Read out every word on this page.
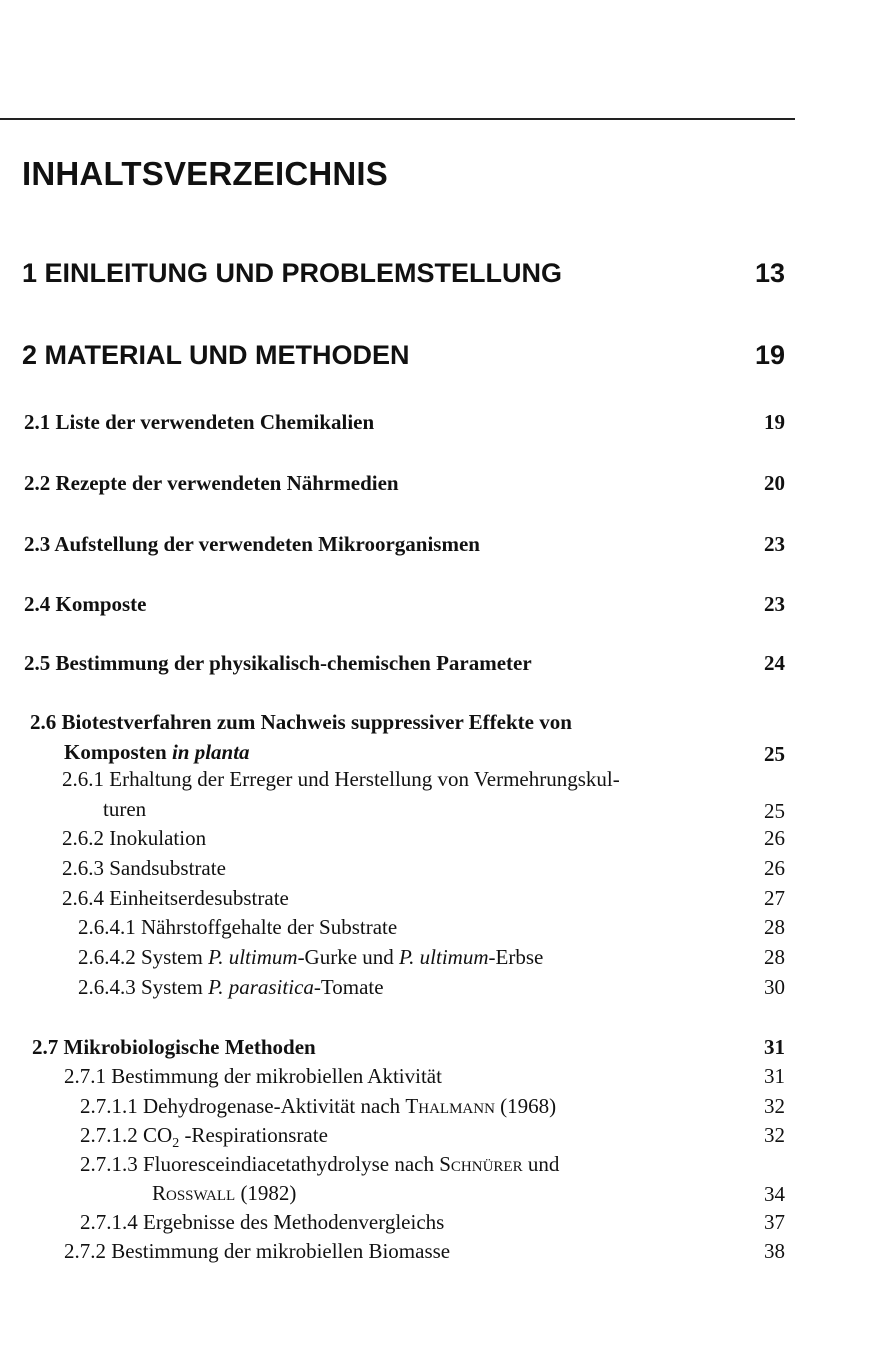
INHALTSVERZEICHNIS
1 EINLEITUNG UND PROBLEMSTELLUNG	13
2 MATERIAL UND METHODEN	19
2.1 Liste der verwendeten Chemikalien	19
2.2 Rezepte der verwendeten Nährmedien	20
2.3 Aufstellung der verwendeten Mikroorganismen	23
2.4 Komposte	23
2.5 Bestimmung der physikalisch-chemischen Parameter	24
2.6 Biotestverfahren zum Nachweis suppressiver Effekte von
Komposten in planta	25
2.6.1 Erhaltung der Erreger und Herstellung von Vermehrungskul-
turen	25
2.6.2 Inokulation	26
2.6.3 Sandsubstrate	26
2.6.4 Einheitserdesubstrate	27
2.6.4.1 Nährstoffgehalte der Substrate	28
2.6.4.2 System P. ultimum-Gurke und P. ultimum-Erbse	28
2.6.4.3 System P. parasitica-Tomate	30
2.7 Mikrobiologische Methoden	31
2.7.1 Bestimmung der mikrobiellen Aktivität	31
2.7.1.1 Dehydrogenase-Aktivität nach Thalmann (1968)	32
2.7.1.2 $CO_2$ -Respirationsrate	32
2.7.1.3 Fluoresceindiacetathydrolyse nach Schnürer und
Rosswall (1982)	34
2.7.1.4 Ergebnisse des Methodenvergleichs	37
2.7.2 Bestimmung der mikrobiellen Biomasse	38
